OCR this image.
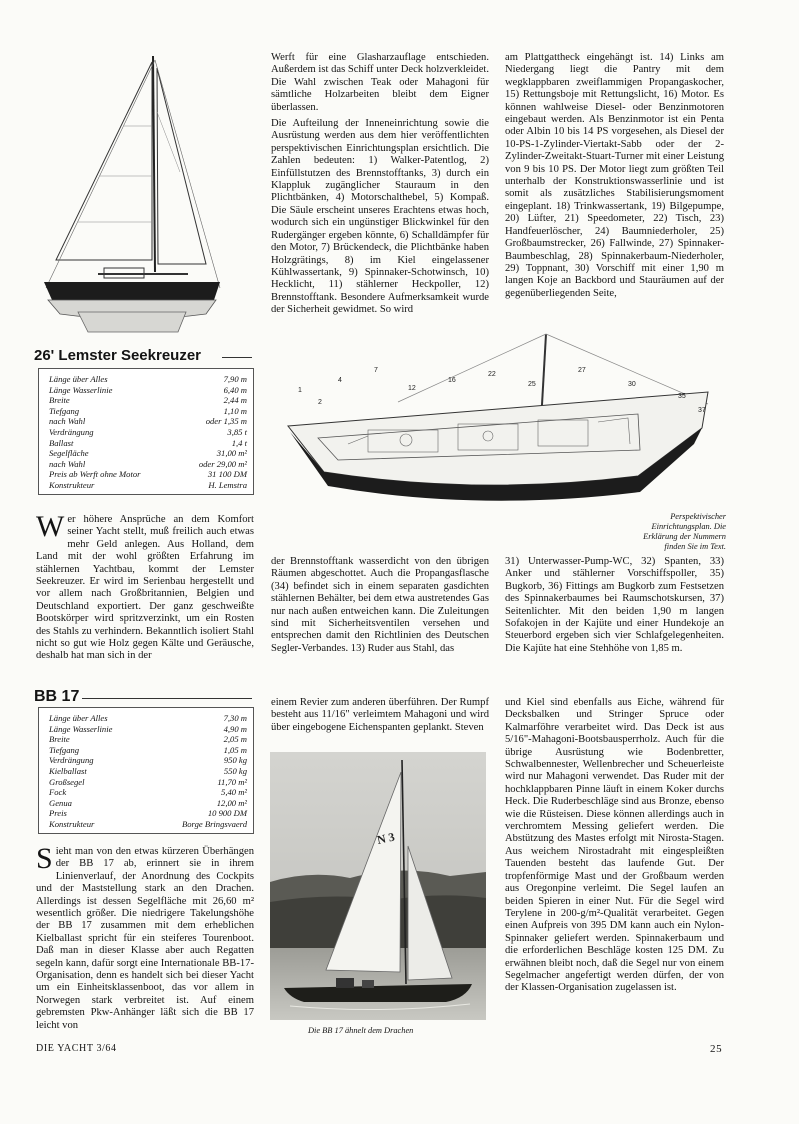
26' Lemster Seekreuzer
Länge über Alles	7,90 m
Länge Wasserlinie	6,40 m
Breite	2,44 m
Tiefgang	1,10 m
nach Wahl	oder 1,35 m
Verdrängung	3,85 t
Ballast	1,4 t
Segelfläche	31,00 m²
nach Wahl	oder 29,00 m²
Preis ab Werft ohne Motor	31 100 DM
Konstrukteur	H. Lemstra

Werft für eine Glasharzauflage entschieden. Außerdem ist das Schiff unter Deck holzverkleidet. Die Wahl zwischen Teak oder Mahagoni für sämtliche Holzarbeiten bleibt dem Eigner überlassen.

Die Aufteilung der Inneneinrichtung sowie die Ausrüstung werden aus dem hier veröffentlichten perspektivischen Einrichtungsplan ersichtlich. Die Zahlen bedeuten: 1) Walker-Patentlog, 2) Einfüllstutzen des Brennstofftanks, 3) durch ein Klappluk zugänglicher Stauraum in den Plichtbänken, 4) Motorschalthebel, 5) Kompaß. Die Säule erscheint unseres Erachtens etwas hoch, wodurch sich ein ungünstiger Blickwinkel für den Rudergänger ergeben könnte, 6) Schalldämpfer für den Motor, 7) Brückendeck, die Plichtbänke haben Holzgrätings, 8) im Kiel eingelassener Kühlwassertank, 9) Spinnaker-Schotwinsch, 10) Hecklicht, 11) stählerner Heckpoller, 12) Brennstofftank. Besondere Aufmerksamkeit wurde der Sicherheit gewidmet. So wird

am Plattgattheck eingehängt ist. 14) Links am Niedergang liegt die Pantry mit dem wegklappbaren zweiflammigen Propangaskocher, 15) Rettungsboje mit Rettungslicht, 16) Motor. Es können wahlweise Diesel- oder Benzinmotoren eingebaut werden. Als Benzinmotor ist ein Penta oder Albin 10 bis 14 PS vorgesehen, als Diesel der 10-PS-1-Zylinder-Viertakt-Sabb oder der 2-Zylinder-Zweitakt-Stuart-Turner mit einer Leistung von 9 bis 10 PS. Der Motor liegt zum größten Teil unterhalb der Konstruktionswasserlinie und ist somit als zusätzliches Stabilisierungsmoment eingeplant. 18) Trinkwassertank, 19) Bilgepumpe, 20) Lüfter, 21) Speedometer, 22) Tisch, 23) Handfeuerlöscher, 24) Baumniederholer, 25) Großbaumstrecker, 26) Fallwinde, 27) Spinnaker-Baumbeschlag, 28) Spinnakerbaum-Niederholer, 29) Toppnant, 30) Vorschiff mit einer 1,90 m langen Koje an Backbord und Stauräumen auf der gegenüberliegenden Seite,

1
2
4
7
12
16
22
25
27
30
35
37
Perspektivischer Einrichtungsplan. Die Erklärung der Nummern finden Sie im Text.
Wer höhere Ansprüche an dem Komfort seiner Yacht stellt, muß freilich auch etwas mehr Geld anlegen. Aus Holland, dem Land mit der wohl größten Erfahrung im stählernen Yachtbau, kommt der Lemster Seekreuzer. Er wird im Serienbau hergestellt und vor allem nach Großbritannien, Belgien und Deutschland exportiert. Der ganz geschweißte Bootskörper wird spritzverzinkt, um ein Rosten des Stahls zu verhindern. Bekanntlich isoliert Stahl nicht so gut wie Holz gegen Kälte und Geräusche, deshalb hat man sich in der

der Brennstofftank wasserdicht von den übrigen Räumen abgeschottet. Auch die Propangasflasche (34) befindet sich in einem separaten gasdichten stählernen Behälter, bei dem etwa austretendes Gas nur nach außen entweichen kann. Die Zuleitungen sind mit Sicherheitsventilen versehen und entsprechen damit den Richtlinien des Deutschen Segler-Verbandes. 13) Ruder aus Stahl, das

31) Unterwasser-Pump-WC, 32) Spanten, 33) Anker und stählerner Vorschiffspoller, 35) Bugkorb, 36) Fittings am Bugkorb zum Festsetzen des Spinnakerbaumes bei Raumschotskursen, 37) Seitenlichter. Mit den beiden 1,90 m langen Sofakojen in der Kajüte und einer Hundekoje an Steuerbord ergeben sich vier Schlafgelegenheiten. Die Kajüte hat eine Stehhöhe von 1,85 m.

BB 17
Länge über Alles	7,30 m
Länge Wasserlinie	4,90 m
Breite	2,05 m
Tiefgang	1,05 m
Verdrängung	950 kg
Kielballast	550 kg
Großsegel	11,70 m²
Fock	5,40 m²
Genua	12,00 m²
Preis	10 900 DM
Konstrukteur	Borge Bringsvaerd
Sieht man von den etwas kürzeren Überhängen der BB 17 ab, erinnert sie in ihrem Linienverlauf, der Anordnung des Cockpits und der Maststellung stark an den Drachen. Allerdings ist dessen Segelfläche mit 26,60 m² wesentlich größer. Die niedrigere Takelungshöhe der BB 17 zusammen mit dem erheblichen Kielballast spricht für ein steiferes Tourenboot. Daß man in dieser Klasse aber auch Regatten segeln kann, dafür sorgt eine Internationale BB-17-Organisation, denn es handelt sich bei dieser Yacht um ein Einheitsklassenboot, das vor allem in Norwegen stark verbreitet ist. Auf einem gebremsten Pkw-Anhänger läßt sich die BB 17 leicht von

einem Revier zum anderen überführen. Der Rumpf besteht aus 11/16" verleimtem Mahagoni und wird über eingebogene Eichenspanten geplankt. Steven

N 3
Die BB 17 ähnelt dem Drachen

und Kiel sind ebenfalls aus Eiche, während für Decksbalken und Stringer Spruce oder Kalmarföhre verarbeitet wird. Das Deck ist aus 5/16"-Mahagoni-Bootsbausperrholz. Auch für die übrige Ausrüstung wie Bodenbretter, Schwalbennester, Wellenbrecher und Scheuerleiste wird nur Mahagoni verwendet. Das Ruder mit der hochklappbaren Pinne läuft in einem Koker durchs Heck. Die Ruderbeschläge sind aus Bronze, ebenso wie die Rüsteisen. Diese können allerdings auch in verchromtem Messing geliefert werden. Die Abstützung des Mastes erfolgt mit Nirosta-Stagen. Aus weichem Nirostadraht mit eingespleißten Tauenden besteht das laufende Gut. Der tropfenförmige Mast und der Großbaum werden aus Oregonpine verleimt. Die Segel laufen an beiden Spieren in einer Nut. Für die Segel wird Terylene in 200-g/m²-Qualität verarbeitet. Gegen einen Aufpreis von 395 DM kann auch ein Nylon-Spinnaker geliefert werden. Spinnakerbaum und die erforderlichen Beschläge kosten 125 DM. Zu erwähnen bleibt noch, daß die Segel nur von einem Segelmacher angefertigt werden dürfen, der von der Klassen-Organisation zugelassen ist.

DIE YACHT 3/64	25
